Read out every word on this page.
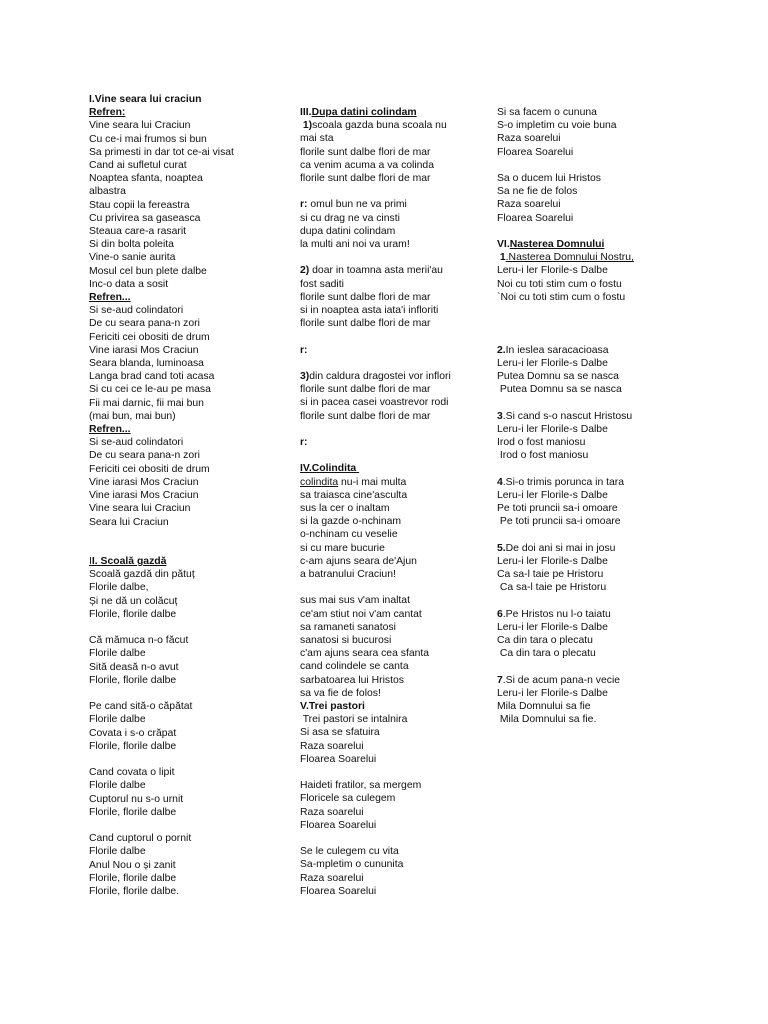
I.Vine seara lui craciun
Refren:
Vine seara lui Craciun
Cu ce-i mai frumos si bun
Sa primesti in dar tot ce-ai visat
Cand ai sufletul curat
Noaptea sfanta, noaptea
albastra
Stau copii la fereastra
Cu privirea sa gaseasca
Steaua care-a rasarit
Si din bolta poleita
Vine-o sanie aurita
Mosul cel bun plete dalbe
Inc-o data a sosit
Refren...
Si se-aud colindatori
De cu seara pana-n zori
Fericiti cei obositi de drum
Vine iarasi Mos Craciun
Seara blanda, luminoasa
Langa brad cand toti acasa
Si cu cei ce le-au pe masa
Fii mai darnic, fii mai bun
(mai bun, mai bun)
Refren...
Si se-aud colindatori
De cu seara pana-n zori
Fericiti cei obositi de drum
Vine iarasi Mos Craciun
Vine iarasi Mos Craciun
Vine seara lui Craciun
Seara lui Craciun
II. Scoală gazdă
Scoală gazdă din pătuț
Florile dalbe,
Și ne dă un colăcuț
Florile, florile dalbe
Că mămuca n-o făcut
Florile dalbe
Sită deasă n-o avut
Florile, florile dalbe
Pe cand sită-o căpătat
Florile dalbe
Covata i s-o crăpat
Florile, florile dalbe
Cand covata o lipit
Florile dalbe
Cuptorul nu s-o urnit
Florile, florile dalbe
Cand cuptorul o pornit
Florile dalbe
Anul Nou o și zanit
Florile, florile dalbe
Florile, florile dalbe.
III.Dupa datini colindam
1)scoala gazda buna scoala nu
mai sta
florile sunt dalbe flori de mar
ca venim acuma a va colinda
florile sunt dalbe flori de mar
r: omul bun ne va primi
si cu drag ne va cinsti
dupa datini colindam
la multi ani noi va uram!
2) doar in toamna asta merii'au
fost saditi
florile sunt dalbe flori de mar
si in noaptea asta iata'i infloriti
florile sunt dalbe flori de mar
r:
3)din caldura dragostei vor inflori
florile sunt dalbe flori de mar
si in pacea casei voastrevor rodi
florile sunt dalbe flori de mar
r:
IV.Colindita
colindita nu-i mai multa
sa traiasca cine'asculta
sus la cer o inaltam
si la gazde o-nchinam
o-nchinam cu veselie
si cu mare bucurie
c-am ajuns seara de'Ajun
a batranului Craciun!
sus mai sus v'am inaltat
ce'am stiut noi v'am cantat
sa ramaneti sanatosi
sanatosi si bucurosi
c'am ajuns seara cea sfanta
cand colindele se canta
sarbatoarea lui Hristos
sa va fie de folos!
V.Trei pastori
Trei pastori se intalnira
Si asa se sfatuira
Raza soarelui
Floarea Soarelui
Haideti fratilor, sa mergem
Floricele sa culegem
Raza soarelui
Floarea Soarelui
Se le culegem cu vita
Sa-mpletim o cununita
Raza soarelui
Floarea Soarelui
Si sa facem o cununa
S-o impletim cu voie buna
Raza soarelui
Floarea Soarelui
Sa o ducem lui Hristos
Sa ne fie de folos
Raza soarelui
Floarea Soarelui
VI.Nasterea Domnului
1.Nasterea Domnului Nostru,
Leru-i ler Florile-s Dalbe
Noi cu toti stim cum o fostu
`Noi cu toti stim cum o fostu
2.In ieslea saracacioasa
Leru-i ler Florile-s Dalbe
Putea Domnu sa se nasca
Putea Domnu sa se nasca
3.Si cand s-o nascut Hristosu
Leru-i ler Florile-s Dalbe
Irod o fost maniosu
Irod o fost maniosu
4.Si-o trimis porunca in tara
Leru-i ler Florile-s Dalbe
Pe toti pruncii sa-i omoare
Pe toti pruncii sa-i omoare
5.De doi ani si mai in josu
Leru-i ler Florile-s Dalbe
Ca sa-l taie pe Hristoru
Ca sa-l taie pe Hristoru
6.Pe Hristos nu l-o taiatu
Leru-i ler Florile-s Dalbe
Ca din tara o plecatu
Ca din tara o plecatu
7.Si de acum pana-n vecie
Leru-i ler Florile-s Dalbe
Mila Domnului sa fie
Mila Domnului sa fie.
